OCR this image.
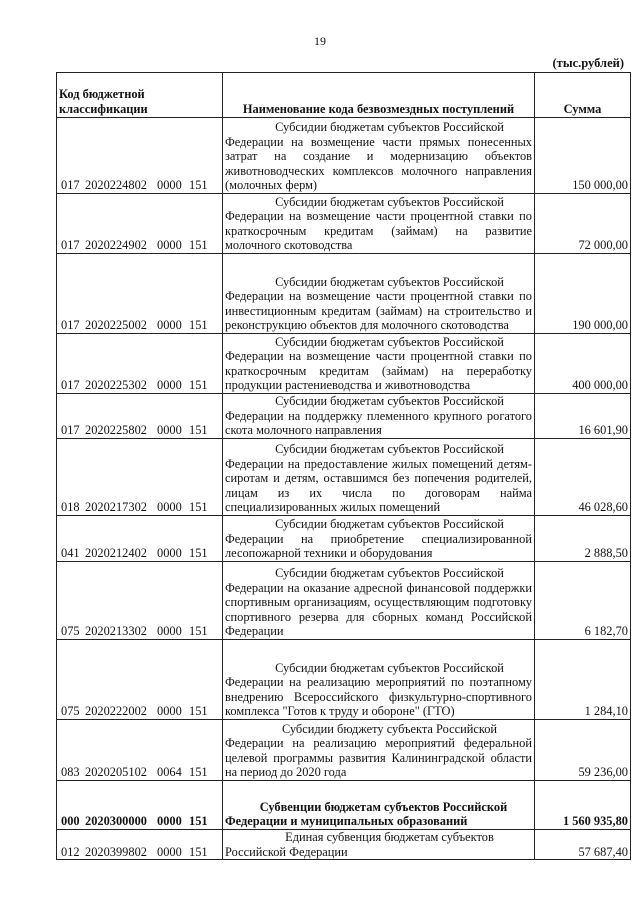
19
(тыс.рублей)
Код бюджетной
классификации	Наименование кода безвозмездных поступлений	Сумма
017 2020224802 0000 151	Субсидии бюджетам субъектов Российской
Федерации на возмещение части прямых понесенных затрат на создание и модернизацию объектов животноводческих комплексов молочного направления (молочных ферм)	150 000,00
017 2020224902 0000 151	Субсидии бюджетам субъектов Российской
Федерации на возмещение части процентной ставки по краткосрочным кредитам (займам) на развитие молочного скотоводства	72 000,00
017 2020225002 0000 151	Субсидии бюджетам субъектов Российской
Федерации на возмещение части процентной ставки по инвестиционным кредитам (займам) на строительство и реконструкцию объектов для молочного скотоводства	190 000,00
017 2020225302 0000 151	Субсидии бюджетам субъектов Российской
Федерации на возмещение части процентной ставки по краткосрочным кредитам (займам) на переработку продукции растениеводства и животноводства	400 000,00
017 2020225802 0000 151	Субсидии бюджетам субъектов Российской
Федерации на поддержку племенного крупного рогатого скота молочного направления	16 601,90
018 2020217302 0000 151	Субсидии бюджетам субъектов Российской
Федерации на предоставление жилых помещений детям-сиротам и детям, оставшимся без попечения родителей, лицам из их числа по договорам найма специализированных жилых помещений	46 028,60
041 2020212402 0000 151	Субсидии бюджетам субъектов Российской
Федерации на приобретение специализированной лесопожарной техники и оборудования	2 888,50
075 2020213302 0000 151	Субсидии бюджетам субъектов Российской
Федерации на оказание адресной финансовой поддержки спортивным организациям, осуществляющим подготовку спортивного резерва для сборных команд Российской Федерации	6 182,70
075 2020222002 0000 151	Субсидии бюджетам субъектов Российской
Федерации на реализацию мероприятий по поэтапному внедрению Всероссийского физкультурно-спортивного комплекса "Готов к труду и обороне" (ГТО)	1 284,10
083 2020205102 0064 151	Субсидии бюджету субъекта Российской
Федерации на реализацию мероприятий федеральной целевой программы развития Калининградской области на период до 2020 года	59 236,00
000 2020300000 0000 151	Субвенции бюджетам субъектов Российской
Федерации и муниципальных образований	1 560 935,80
012 2020399802 0000 151	Единая субвенция бюджетам субъектов
Российской Федерации	57 687,40
